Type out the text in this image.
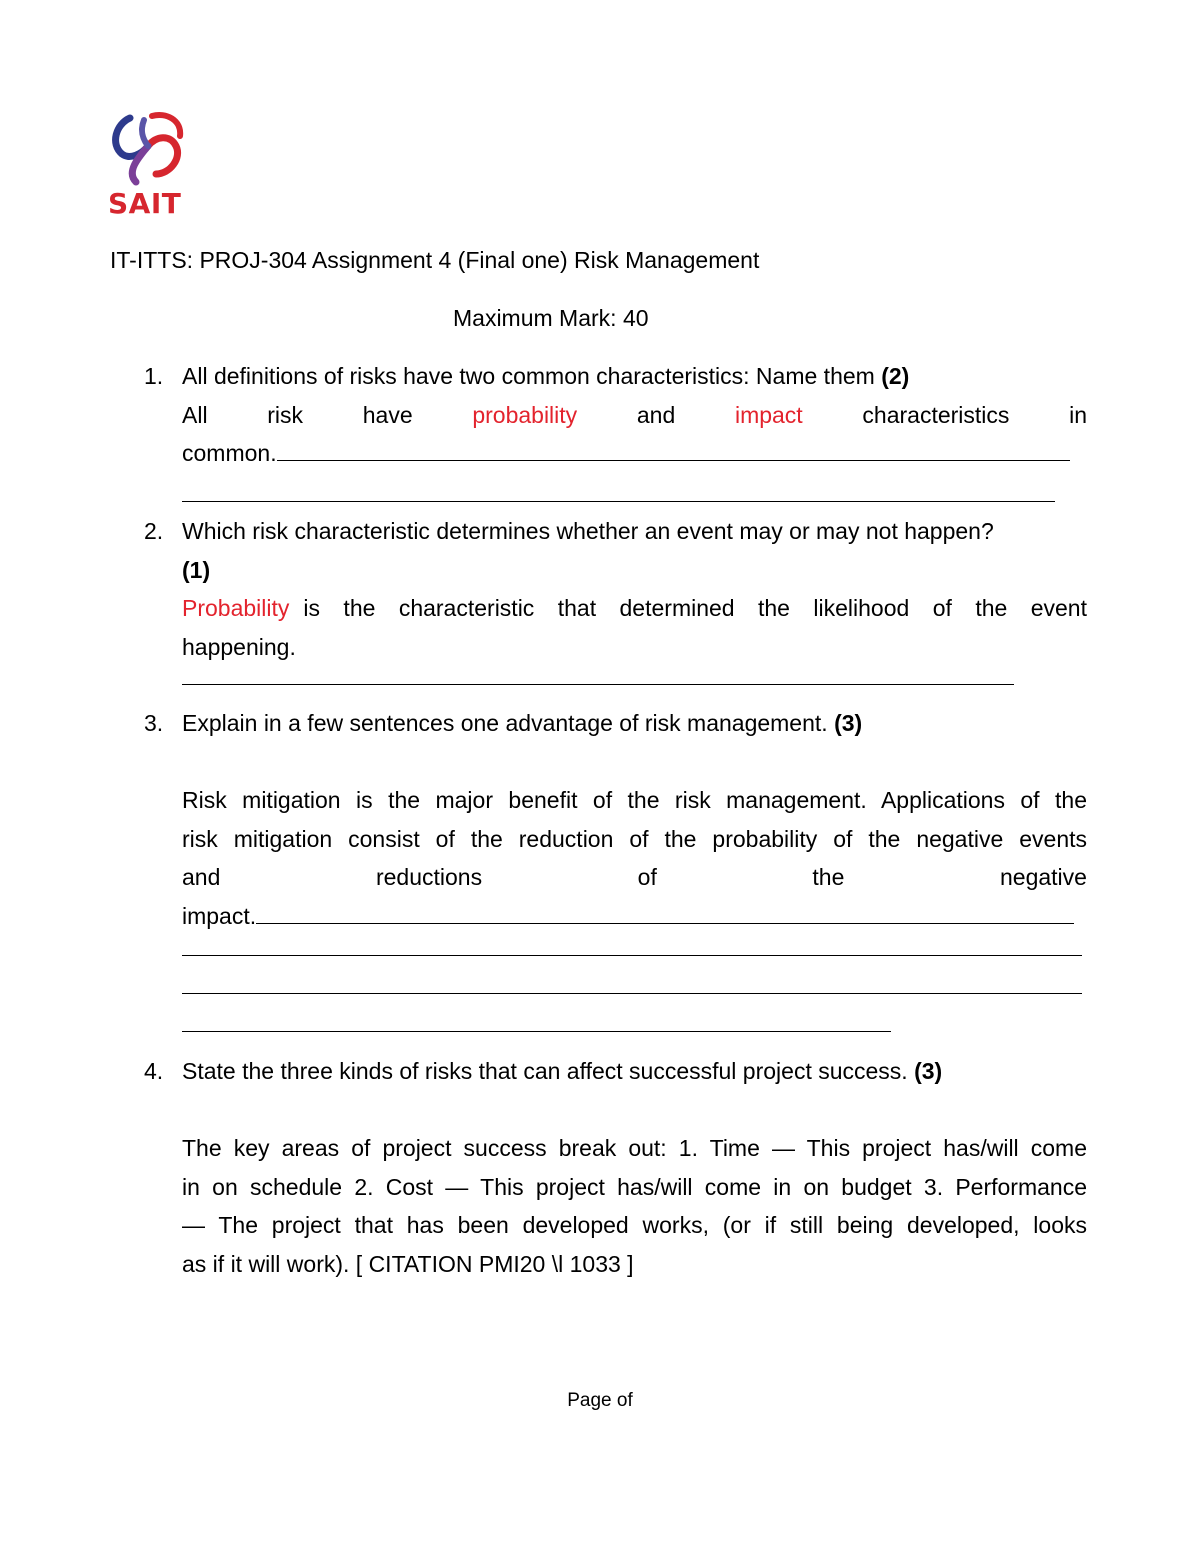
SAIT
IT-ITTS: PROJ-304 Assignment 4 (Final one) Risk Management
Maximum Mark: 40
1. All definitions of risks have two common characteristics: Name them (2)
All	risk	have	probability	and	impact	characteristics	in
common.
2. Which risk characteristic determines whether an event may or may not happen?
(1)
Probability is the characteristic that determined the likelihood of the event
happening.
3. Explain in a few sentences one advantage of risk management. (3)
Risk mitigation is the major benefit of the risk management. Applications of the
risk mitigation consist of the reduction of the probability of the negative events
and	reductions	of	the	negative
impact.
4. State the three kinds of risks that can affect successful project success. (3)
The key areas of project success break out: 1. Time — This project has/will come
in on schedule 2. Cost — This project has/will come in on budget 3. Performance
— The project that has been developed works, (or if still being developed, looks
as if it will work). [ CITATION PMI20 \l 1033 ]
Page of
